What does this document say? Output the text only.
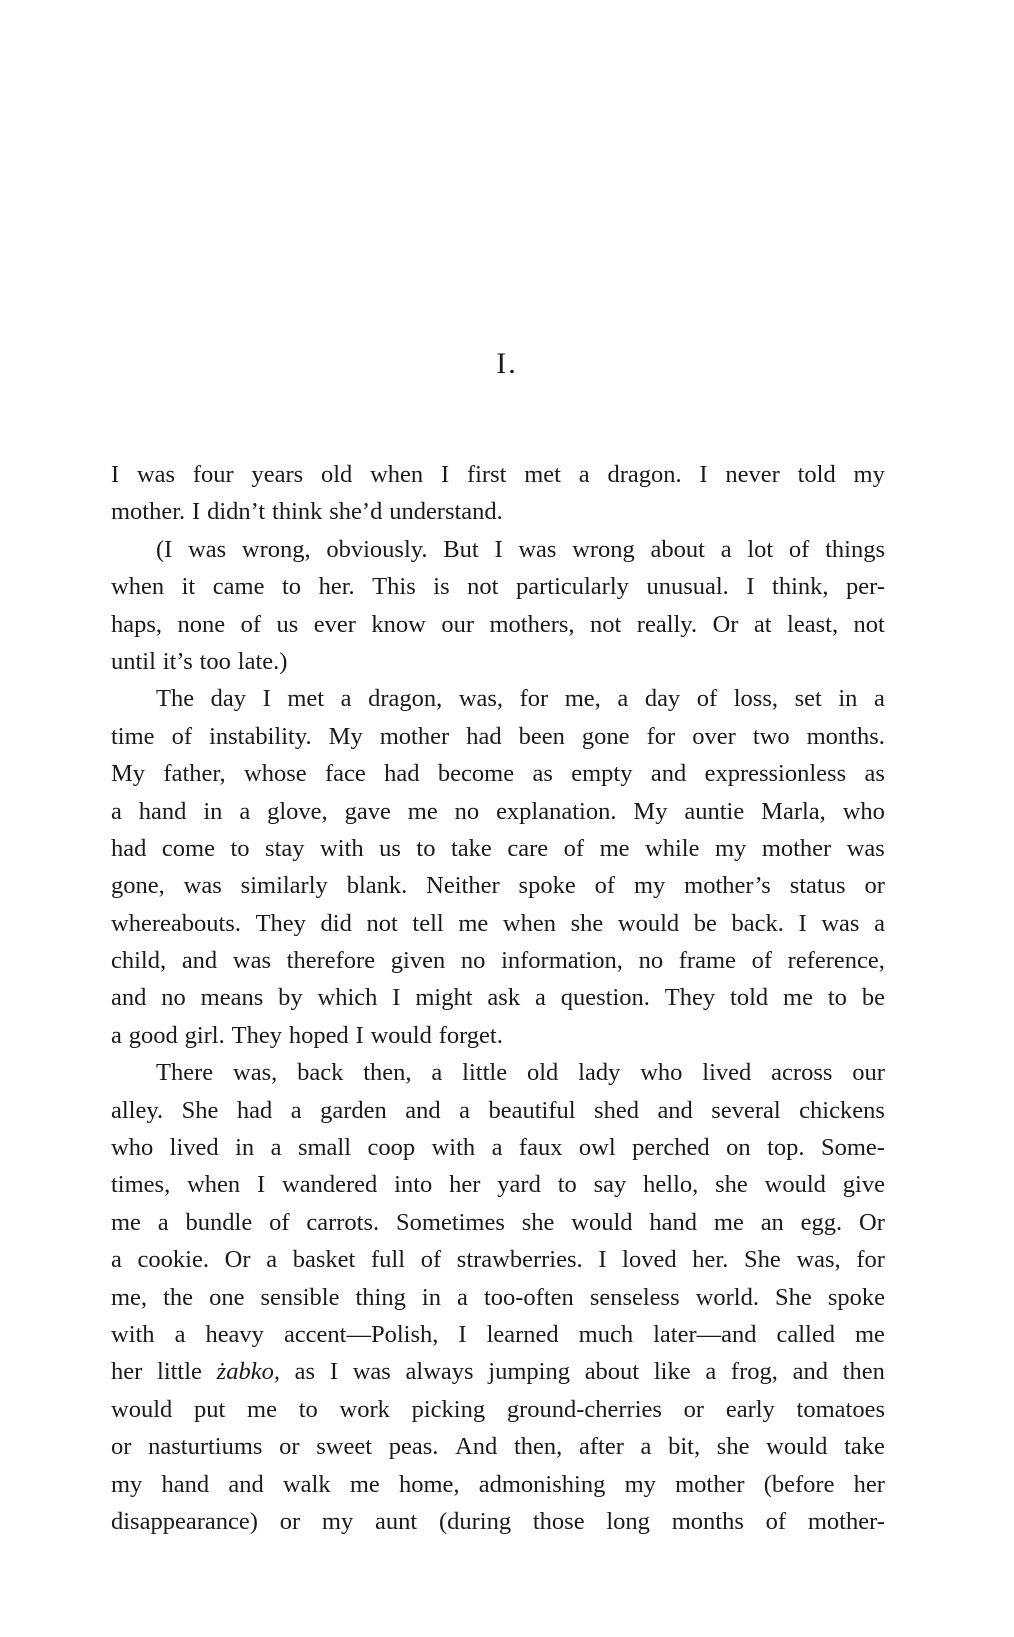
I.
I was four years old when I first met a dragon. I never told my
mother. I didn’t think she’d understand.
(I was wrong, obviously. But I was wrong about a lot of things
when it came to her. This is not particularly unusual. I think, per-
haps, none of us ever know our mothers, not really. Or at least, not
until it’s too late.)
The day I met a dragon, was, for me, a day of loss, set in a
time of instability. My mother had been gone for over two months.
My father, whose face had become as empty and expressionless as
a hand in a glove, gave me no explanation. My auntie Marla, who
had come to stay with us to take care of me while my mother was
gone, was similarly blank. Neither spoke of my mother’s status or
whereabouts. They did not tell me when she would be back. I was a
child, and was therefore given no information, no frame of reference,
and no means by which I might ask a question. They told me to be
a good girl. They hoped I would forget.
There was, back then, a little old lady who lived across our
alley. She had a garden and a beautiful shed and several chickens
who lived in a small coop with a faux owl perched on top. Some-
times, when I wandered into her yard to say hello, she would give
me a bundle of carrots. Sometimes she would hand me an egg. Or
a cookie. Or a basket full of strawberries. I loved her. She was, for
me, the one sensible thing in a too-often senseless world. She spoke
with a heavy accent—Polish, I learned much later—and called me
her little żabko, as I was always jumping about like a frog, and then
would put me to work picking ground-cherries or early tomatoes
or nasturtiums or sweet peas. And then, after a bit, she would take
my hand and walk me home, admonishing my mother (before her
disappearance) or my aunt (during those long months of mother-
